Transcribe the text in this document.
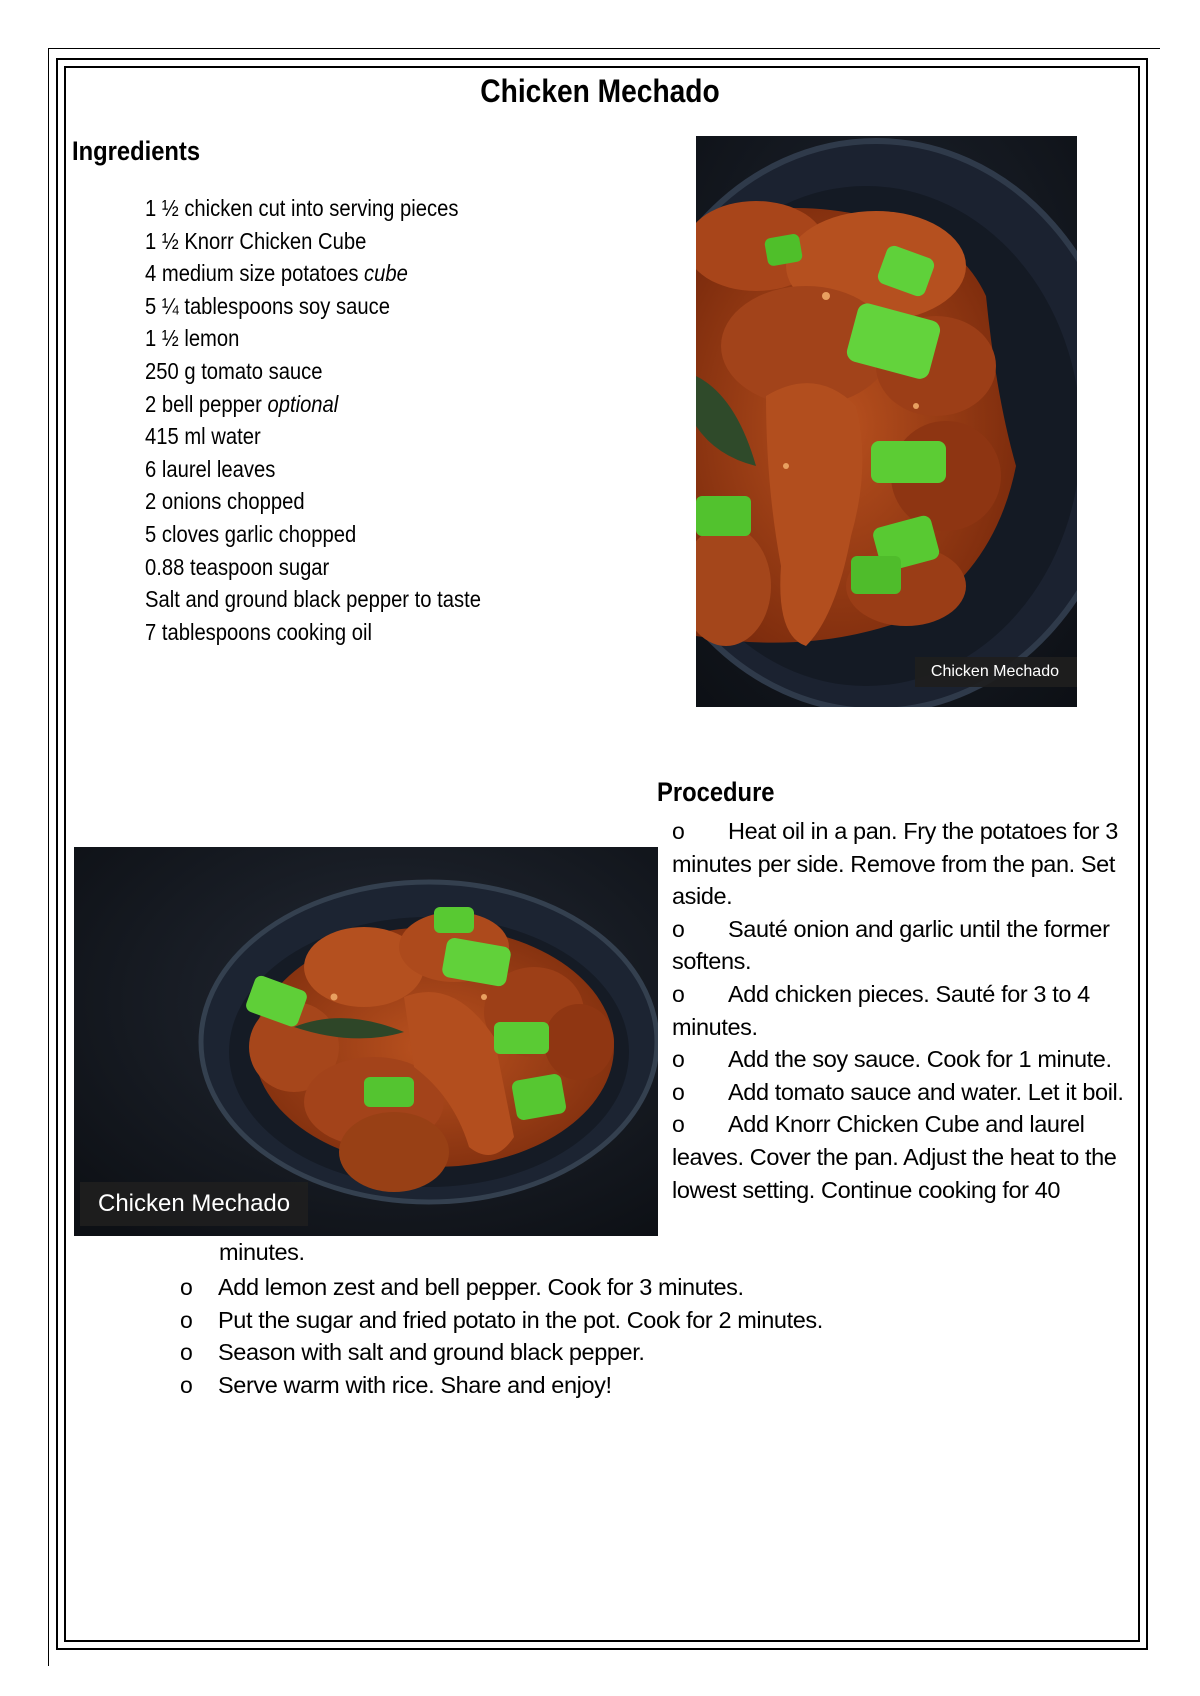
Chicken Mechado
Ingredients
1 ½ chicken cut into serving pieces
1 ½ Knorr Chicken Cube
4 medium size potatoes cube
5 ¼ tablespoons soy sauce
1 ½ lemon
250 g tomato sauce
2 bell pepper optional
415 ml water
6 laurel leaves
2 onions chopped
5 cloves garlic chopped
0.88 teaspoon sugar
Salt and ground black pepper to taste
7 tablespoons cooking oil
Chicken Mechado
Chicken Mechado
Procedure

o Heat oil in a pan. Fry the potatoes for 3 minutes per side. Remove from the pan. Set aside.

o Sauté onion and garlic until the former softens.

o Add chicken pieces. Sauté for 3 to 4 minutes.

o Add the soy sauce. Cook for 1 minute.

o Add tomato sauce and water. Let it boil.

o Add Knorr Chicken Cube and laurel leaves. Cover the pan. Adjust the heat to the lowest setting. Continue cooking for 40

minutes.
o Add lemon zest and bell pepper. Cook for 3 minutes.
o Put the sugar and fried potato in the pot. Cook for 2 minutes.
o Season with salt and ground black pepper.
o Serve warm with rice. Share and enjoy!
